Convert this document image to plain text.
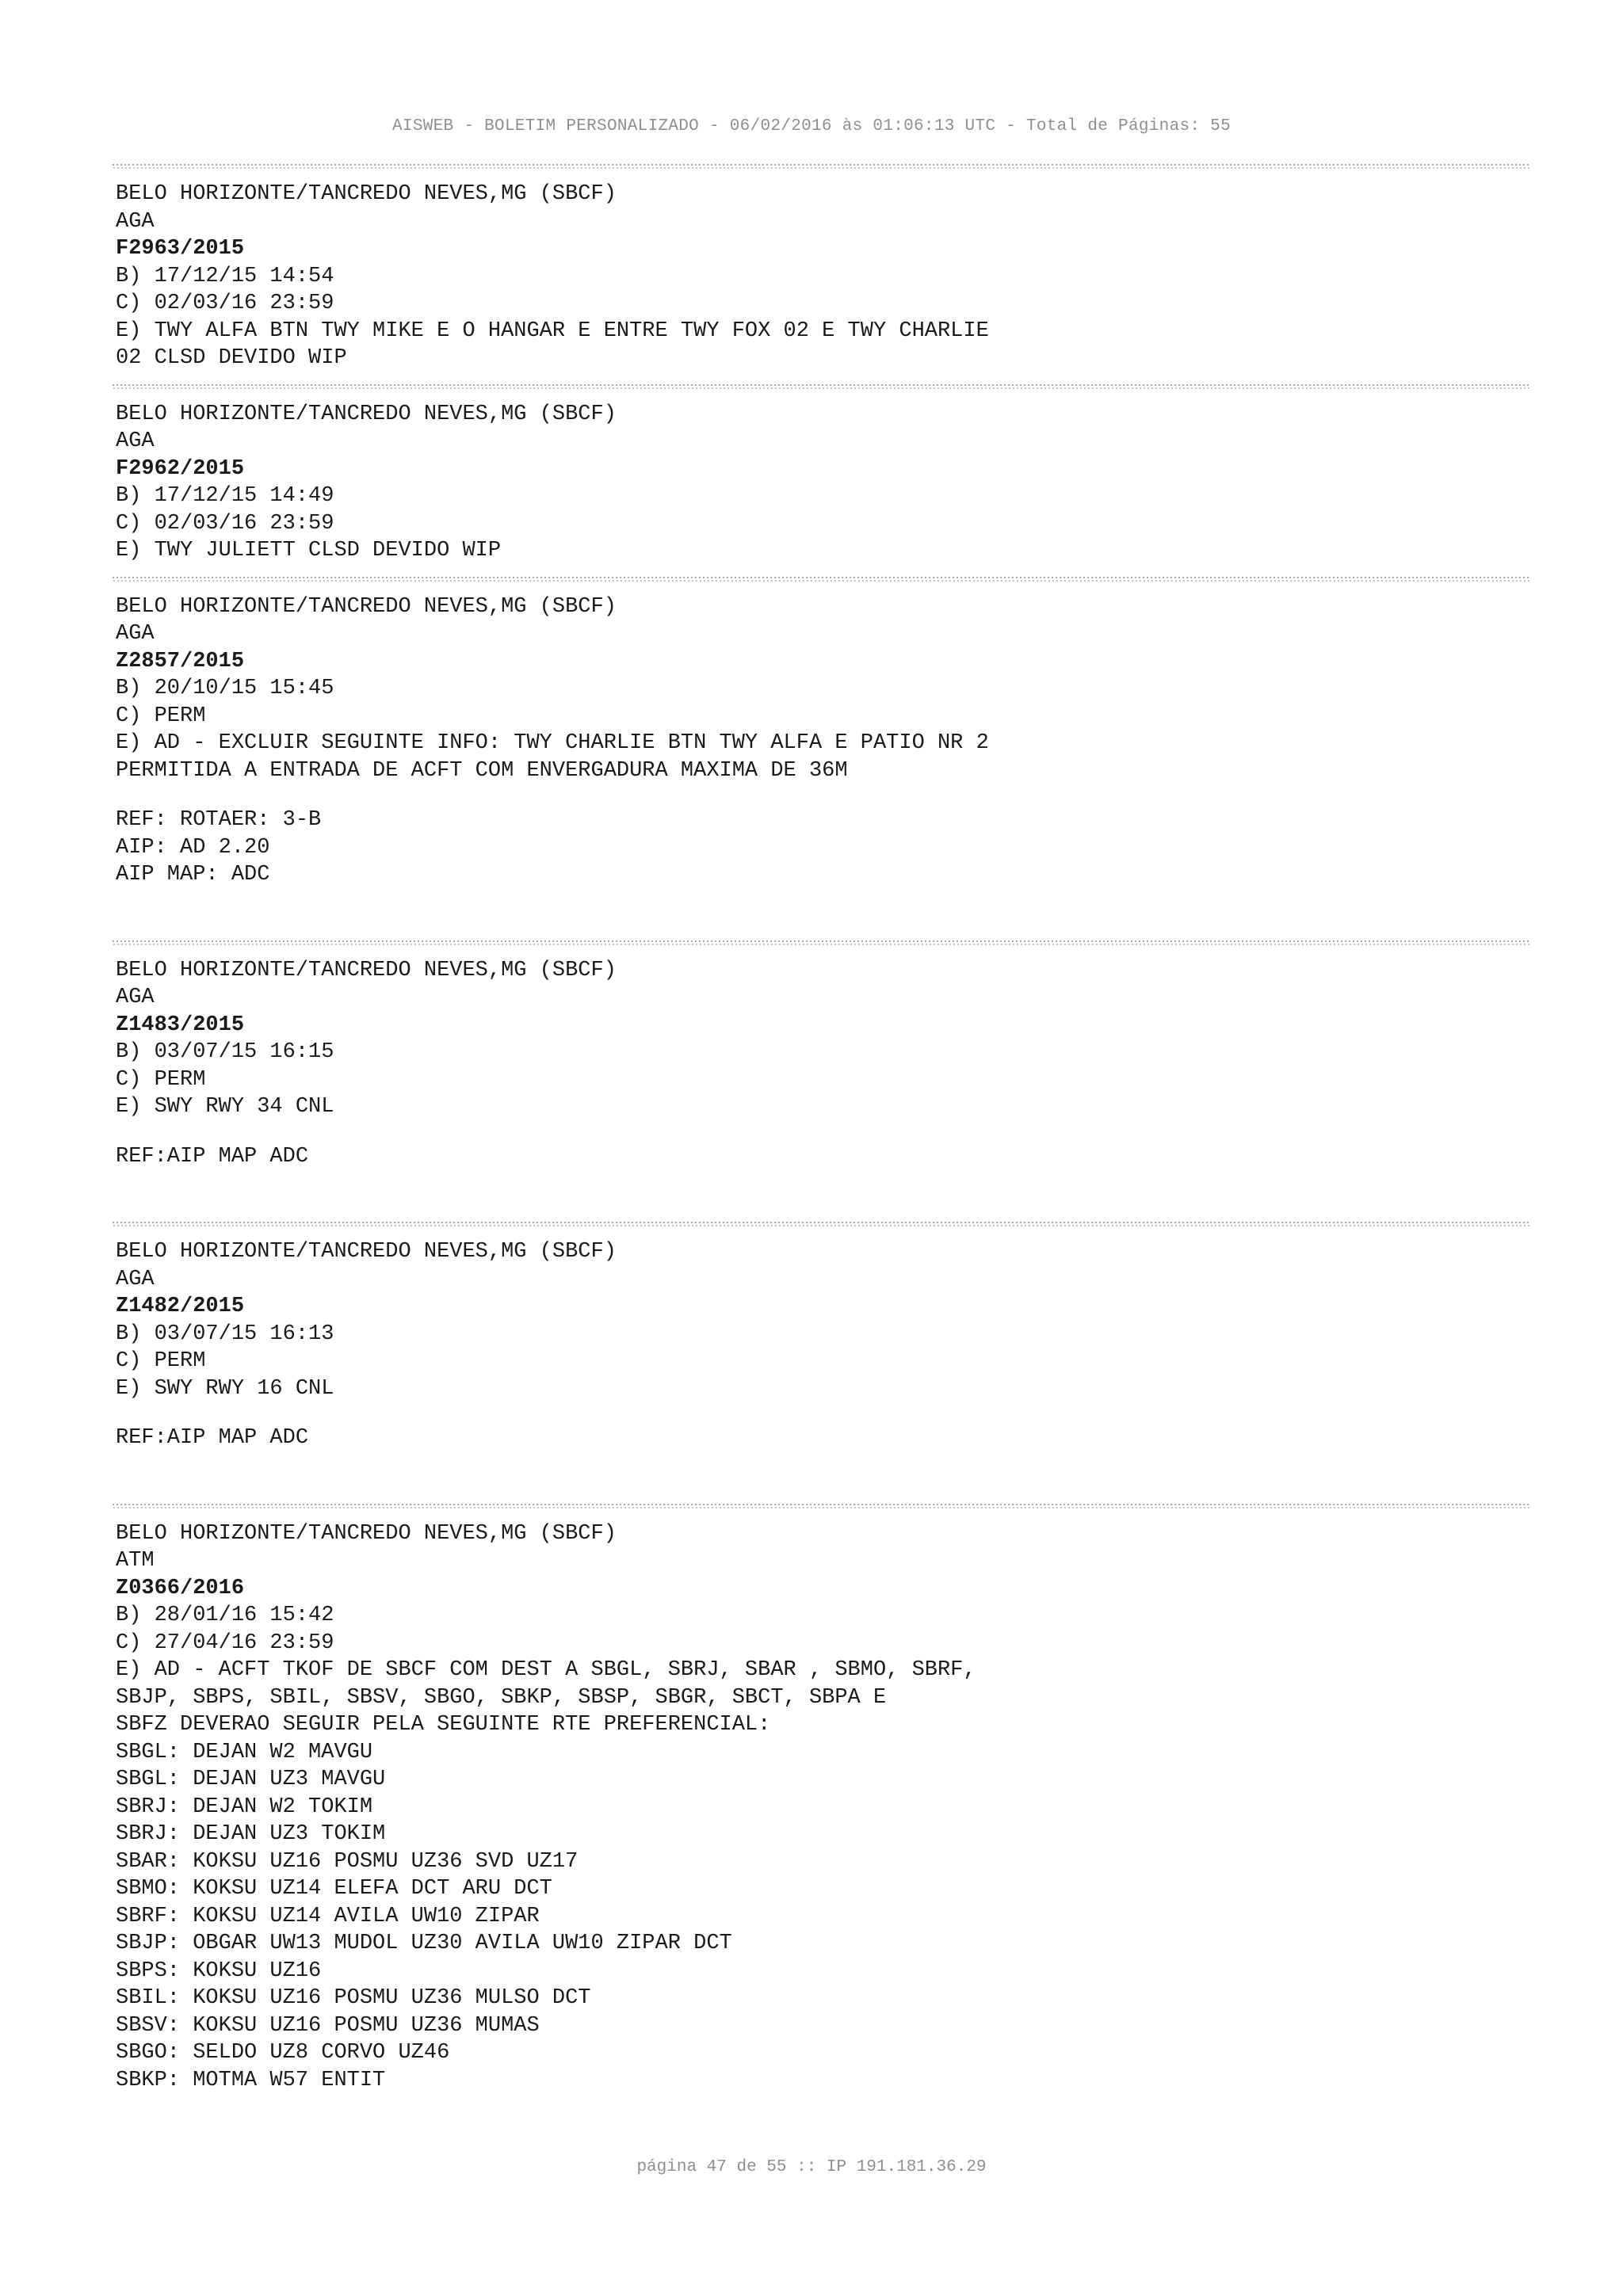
AISWEB - BOLETIM PERSONALIZADO - 06/02/2016 às 01:06:13 UTC - Total de Páginas: 55
BELO HORIZONTE/TANCREDO NEVES,MG (SBCF)
AGA
F2963/2015
B) 17/12/15 14:54
C) 02/03/16 23:59
E) TWY ALFA BTN TWY MIKE E O HANGAR E ENTRE TWY FOX 02 E TWY CHARLIE
02 CLSD DEVIDO WIP
BELO HORIZONTE/TANCREDO NEVES,MG (SBCF)
AGA
F2962/2015
B) 17/12/15 14:49
C) 02/03/16 23:59
E) TWY JULIETT CLSD DEVIDO WIP
BELO HORIZONTE/TANCREDO NEVES,MG (SBCF)
AGA
Z2857/2015
B) 20/10/15 15:45
C) PERM
E) AD - EXCLUIR SEGUINTE INFO: TWY CHARLIE BTN TWY ALFA E PATIO NR 2
PERMITIDA A ENTRADA DE ACFT COM ENVERGADURA MAXIMA DE 36M
REF: ROTAER: 3-B
AIP: AD 2.20
AIP MAP: ADC
BELO HORIZONTE/TANCREDO NEVES,MG (SBCF)
AGA
Z1483/2015
B) 03/07/15 16:15
C) PERM
E) SWY RWY 34 CNL
REF:AIP MAP ADC
BELO HORIZONTE/TANCREDO NEVES,MG (SBCF)
AGA
Z1482/2015
B) 03/07/15 16:13
C) PERM
E) SWY RWY 16 CNL
REF:AIP MAP ADC
BELO HORIZONTE/TANCREDO NEVES,MG (SBCF)
ATM
Z0366/2016
B) 28/01/16 15:42
C) 27/04/16 23:59
E) AD - ACFT TKOF DE SBCF COM DEST A SBGL, SBRJ, SBAR , SBMO, SBRF,
SBJP, SBPS, SBIL, SBSV, SBGO, SBKP, SBSP, SBGR, SBCT, SBPA E
SBFZ DEVERAO SEGUIR PELA SEGUINTE RTE PREFERENCIAL:
SBGL: DEJAN W2 MAVGU
SBGL: DEJAN UZ3 MAVGU
SBRJ: DEJAN W2 TOKIM
SBRJ: DEJAN UZ3 TOKIM
SBAR: KOKSU UZ16 POSMU UZ36 SVD UZ17
SBMO: KOKSU UZ14 ELEFA DCT ARU DCT
SBRF: KOKSU UZ14 AVILA UW10 ZIPAR
SBJP: OBGAR UW13 MUDOL UZ30 AVILA UW10 ZIPAR DCT
SBPS: KOKSU UZ16
SBIL: KOKSU UZ16 POSMU UZ36 MULSO DCT
SBSV: KOKSU UZ16 POSMU UZ36 MUMAS
SBGO: SELDO UZ8 CORVO UZ46
SBKP: MOTMA W57 ENTIT
página 47 de 55 :: IP 191.181.36.29
